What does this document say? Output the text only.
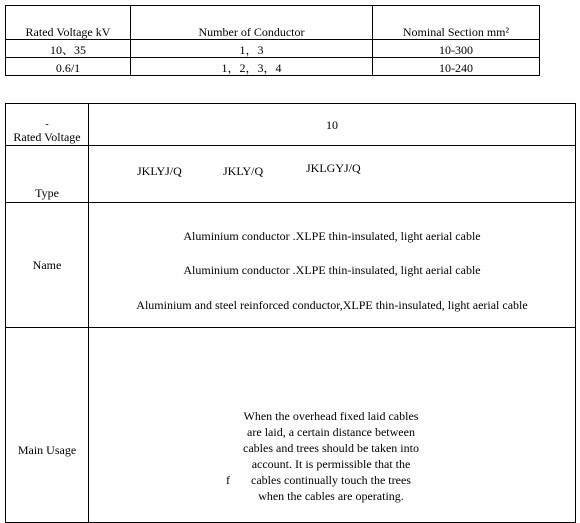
Rated Voltage kV	Number of Conductor	Nominal Section mm²
10、35	1，3	10-300
0.6/1	1，2，3，4	10-240
-
Rated Voltage	10
Type	JKLYJ/Q JKLY/Q JKLGYJ/Q

Name	Aluminium conductor .XLPE thin-insulated, light aerial cable
Aluminium conductor .XLPE thin-insulated, light aerial cable
Aluminium and steel reinforced conductor,XLPE thin-insulated, light aerial cable

Main Usage	f
When the overhead fixed laid cables are laid, a certain distance between cables and trees should be taken into account. It is permissible that the cables continually touch the trees when the cables are operating.
